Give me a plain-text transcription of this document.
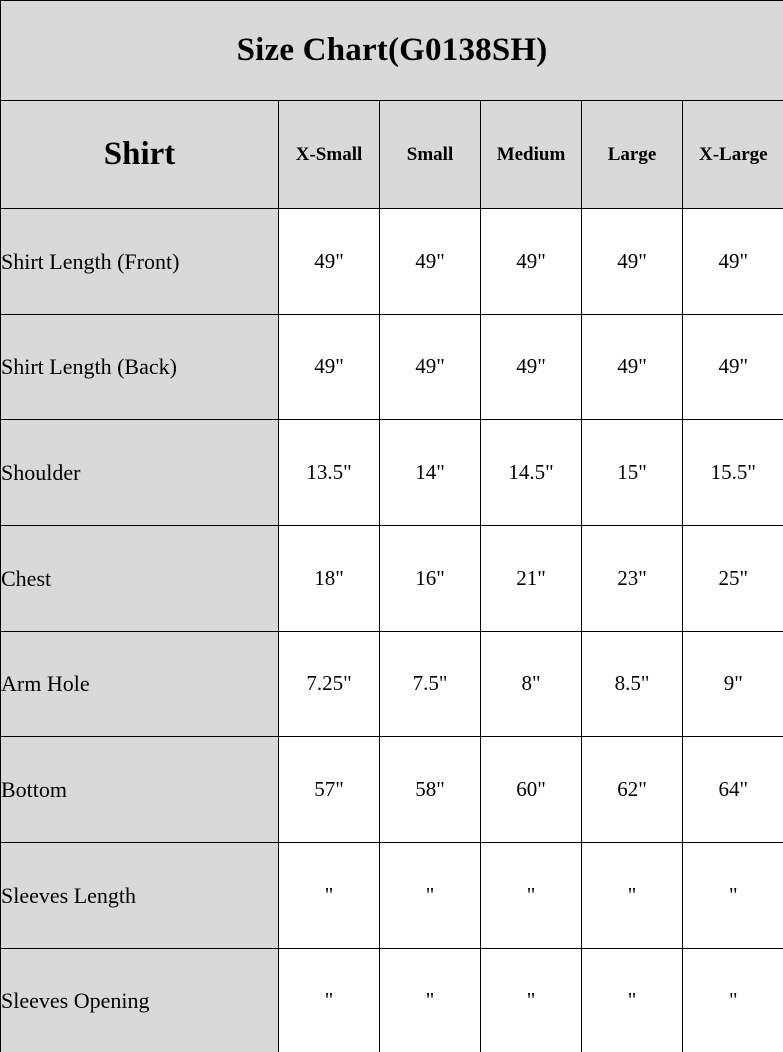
Size Chart(G0138SH)					
Shirt	X-Small	Small	Medium	Large	X-Large
Shirt Length (Front)	49"	49"	49"	49"	49"
Shirt Length (Back)	49"	49"	49"	49"	49"
Shoulder	13.5"	14"	14.5"	15"	15.5"
Chest	18"	16"	21"	23"	25"
Arm Hole	7.25"	7.5"	8"	8.5"	9"
Bottom	57"	58"	60"	62"	64"
Sleeves Length	"	"	"	"	"
Sleeves Opening	"	"	"	"	"
